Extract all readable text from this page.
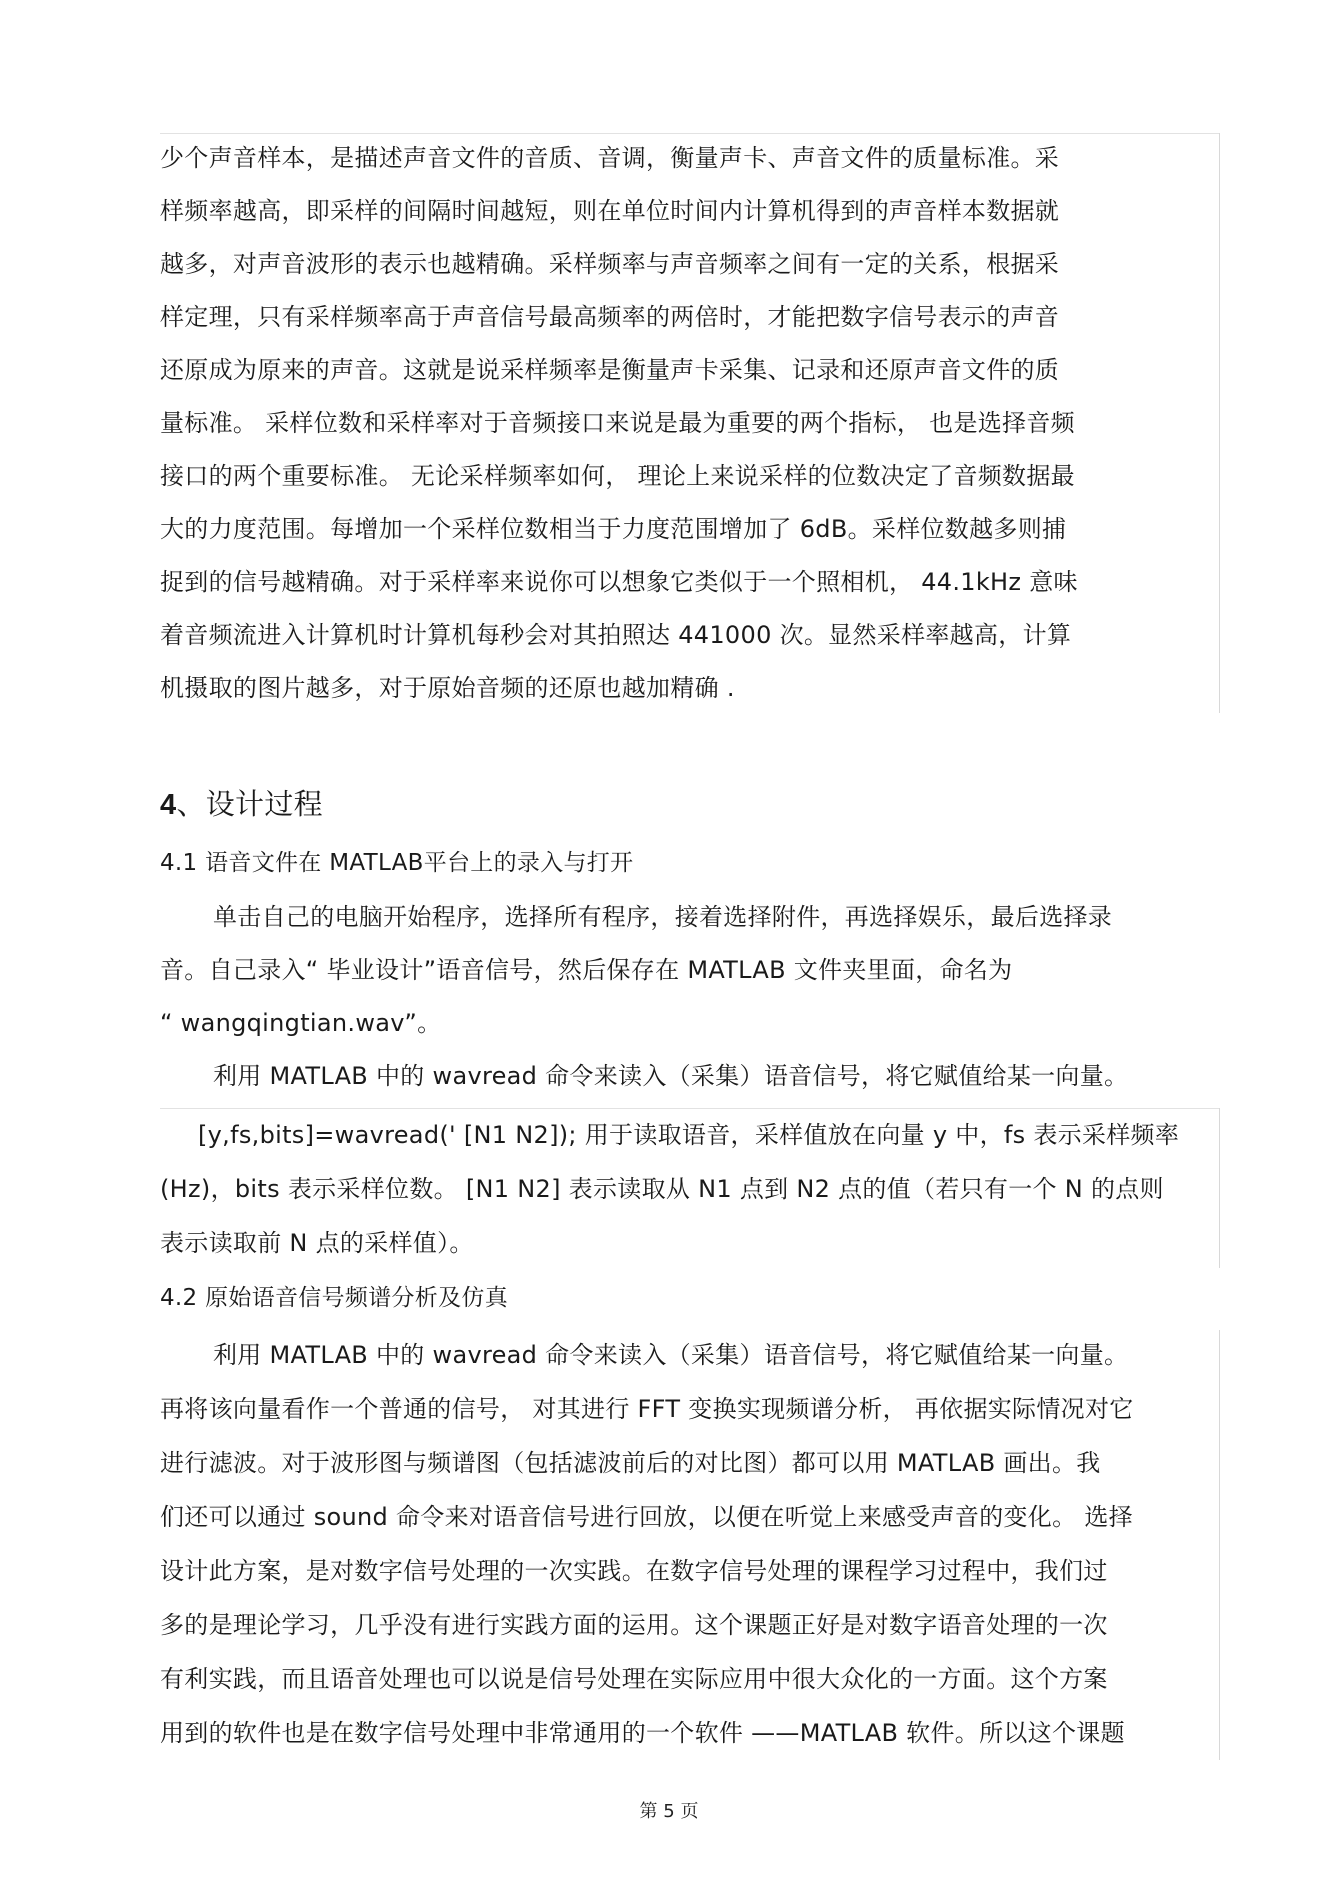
少个声音样本，是描述声音文件的音质、音调，衡量声卡、声音文件的质量标准。采
样频率越高，即采样的间隔时间越短，则在单位时间内计算机得到的声音样本数据就
越多，对声音波形的表示也越精确。采样频率与声音频率之间有一定的关系，根据采
样定理，只有采样频率高于声音信号最高频率的两倍时，才能把数字信号表示的声音
还原成为原来的声音。这就是说采样频率是衡量声卡采集、记录和还原声音文件的质
量标准。 采样位数和采样率对于音频接口来说是最为重要的两个指标， 也是选择音频
接口的两个重要标准。 无论采样频率如何， 理论上来说采样的位数决定了音频数据最
大的力度范围。每增加一个采样位数相当于力度范围增加了 6dB。采样位数越多则捕
捉到的信号越精确。对于采样率来说你可以想象它类似于一个照相机， 44.1kHz 意味
着音频流进入计算机时计算机每秒会对其拍照达 441000 次。显然采样率越高，计算
机摄取的图片越多，对于原始音频的还原也越加精确 .
4、设计过程
4.1 语音文件在 MATLAB平台上的录入与打开
单击自己的电脑开始程序，选择所有程序，接着选择附件，再选择娱乐，最后选择录
音。自己录入“ 毕业设计”语音信号，然后保存在 MATLAB 文件夹里面，命名为
“ wangqingtian.wav”。
利用 MATLAB 中的 wavread 命令来读入（采集）语音信号，将它赋值给某一向量。
[y,fs,bits]=wavread(' [N1 N2]); 用于读取语音，采样值放在向量 y 中，fs 表示采样频率
(Hz)，bits 表示采样位数。 [N1 N2] 表示读取从 N1 点到 N2 点的值（若只有一个 N 的点则
表示读取前 N 点的采样值）。
4.2 原始语音信号频谱分析及仿真
利用 MATLAB 中的 wavread 命令来读入（采集）语音信号，将它赋值给某一向量。
再将该向量看作一个普通的信号， 对其进行 FFT 变换实现频谱分析， 再依据实际情况对它
进行滤波。对于波形图与频谱图（包括滤波前后的对比图）都可以用 MATLAB 画出。我
们还可以通过 sound 命令来对语音信号进行回放，以便在听觉上来感受声音的变化。 选择
设计此方案，是对数字信号处理的一次实践。在数字信号处理的课程学习过程中，我们过
多的是理论学习，几乎没有进行实践方面的运用。这个课题正好是对数字语音处理的一次
有利实践，而且语音处理也可以说是信号处理在实际应用中很大众化的一方面。这个方案
用到的软件也是在数字信号处理中非常通用的一个软件 ——MATLAB 软件。所以这个课题
第 5 页
